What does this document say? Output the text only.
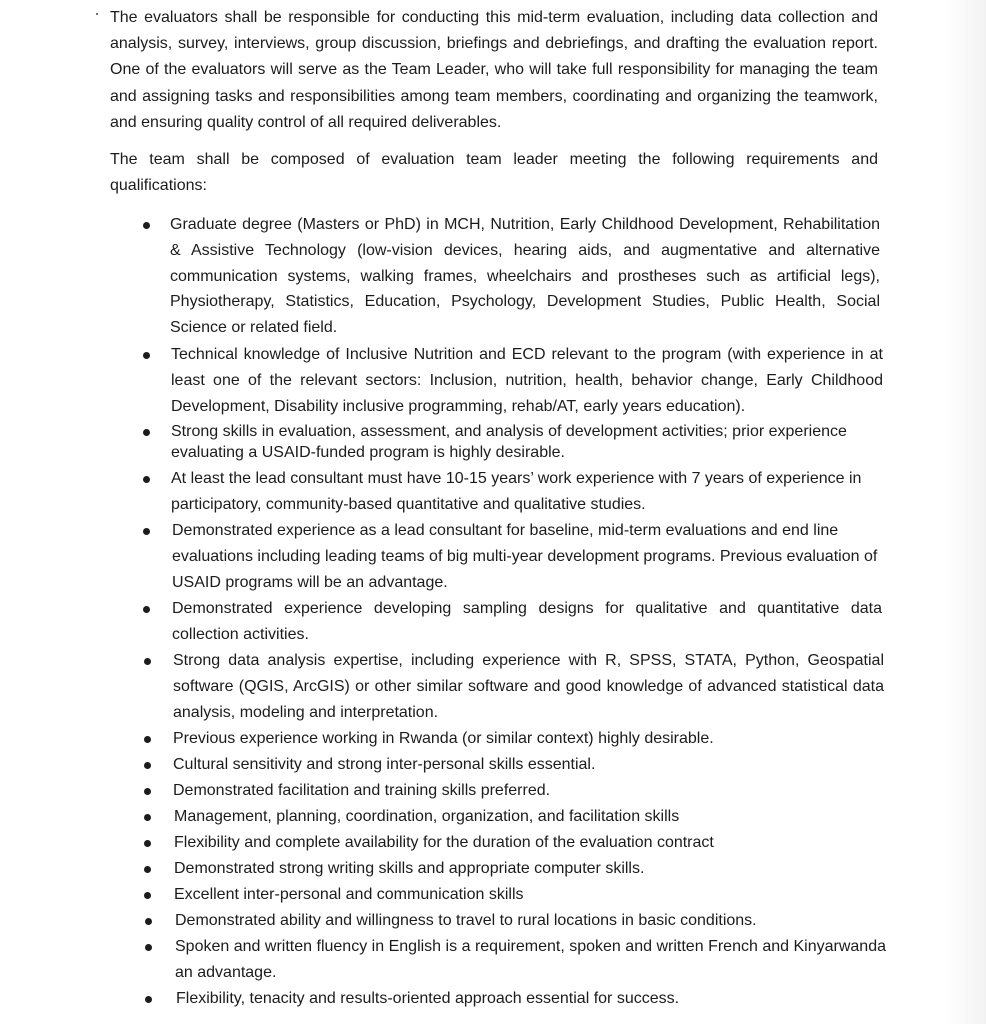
The evaluators shall be responsible for conducting this mid-term evaluation, including data collection and analysis, survey, interviews, group discussion, briefings and debriefings, and drafting the evaluation report. One of the evaluators will serve as the Team Leader, who will take full responsibility for managing the team and assigning tasks and responsibilities among team members, coordinating and organizing the teamwork, and ensuring quality control of all required deliverables.

The team shall be composed of evaluation team leader meeting the following requirements and qualifications:

Graduate degree (Masters or PhD) in MCH, Nutrition, Early Childhood Development, Rehabilitation & Assistive Technology (low-vision devices, hearing aids, and augmentative and alternative communication systems, walking frames, wheelchairs and prostheses such as artificial legs), Physiotherapy, Statistics, Education, Psychology, Development Studies, Public Health, Social Science or related field.
Technical knowledge of Inclusive Nutrition and ECD relevant to the program (with experience in at least one of the relevant sectors: Inclusion, nutrition, health, behavior change, Early Childhood Development, Disability inclusive programming, rehab/AT, early years education).
Strong skills in evaluation, assessment, and analysis of development activities; prior experience evaluating a USAID-funded program is highly desirable.
At least the lead consultant must have 10-15 years’ work experience with 7 years of experience in participatory, community-based quantitative and qualitative studies.
Demonstrated experience as a lead consultant for baseline, mid-term evaluations and end line evaluations including leading teams of big multi-year development programs. Previous evaluation of USAID programs will be an advantage.
Demonstrated experience developing sampling designs for qualitative and quantitative data collection activities.
Strong data analysis expertise, including experience with R, SPSS, STATA, Python, Geospatial software (QGIS, ArcGIS) or other similar software and good knowledge of advanced statistical data analysis, modeling and interpretation.
Previous experience working in Rwanda (or similar context) highly desirable.
Cultural sensitivity and strong inter-personal skills essential.
Demonstrated facilitation and training skills preferred.
Management, planning, coordination, organization, and facilitation skills
Flexibility and complete availability for the duration of the evaluation contract
Demonstrated strong writing skills and appropriate computer skills.
Excellent inter-personal and communication skills
Demonstrated ability and willingness to travel to rural locations in basic conditions.
Spoken and written fluency in English is a requirement, spoken and written French and Kinyarwanda an advantage.
Flexibility, tenacity and results-oriented approach essential for success.
